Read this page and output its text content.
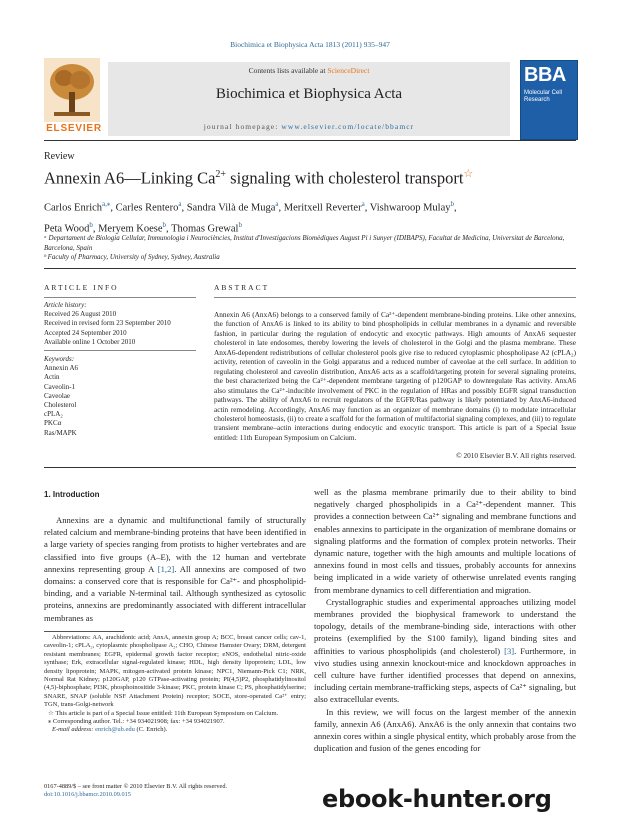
Biochimica et Biophysica Acta 1813 (2011) 935–947
Contents lists available at ScienceDirect
Biochimica et Biophysica Acta
journal homepage: www.elsevier.com/locate/bbamcr
ELSEVIER
BBA
Molecular Cell Research
Review
Annexin A6—Linking $Ca^{2+}$ signaling with cholesterol transport☆
Carlos Enrich$^{a,⁎}$, Carles Rentero$^a$, Sandra Vilà de Muga$^a$, Meritxell Reverter$^a$, Vishwaroop Mulay$^b$,
Peta Wood$^b$, Meryem Koese$^b$, Thomas Grewal$^b$
ᵃ Departament de Biologia Cellular, Immunologia i Neurociències, Institut d'Investigacions Biomèdiques August Pi i Sunyer (IDIBAPS), Facultat de Medicina, Universitat de Barcelona, Barcelona, Spain
ᵇ Faculty of Pharmacy, University of Sydney, Sydney, Australia
ARTICLE INFO
Article history:
Received 26 August 2010
Received in revised form 23 September 2010
Accepted 24 September 2010
Available online 1 October 2010
Keywords:
Annexin A6
Actin
Caveolin-1
Caveolae
Cholesterol
cPLA₂
PKCα
Ras/MAPK
ABSTRACT
Annexin A6 (AnxA6) belongs to a conserved family of Ca²⁺-dependent membrane-binding proteins. Like other annexins, the function of AnxA6 is linked to its ability to bind phospholipids in cellular membranes in a dynamic and reversible fashion, in particular during the regulation of endocytic and exocytic pathways. High amounts of AnxA6 sequester cholesterol in late endosomes, thereby lowering the levels of cholesterol in the Golgi and the plasma membrane. These AnxA6-dependent redistributions of cellular cholesterol pools give rise to reduced cytoplasmic phospholipase A2 (cPLA₂) activity, retention of caveolin in the Golgi apparatus and a reduced number of caveolae at the cell surface. In addition to regulating cholesterol and caveolin distribution, AnxA6 acts as a scaffold/targeting protein for several signaling proteins, the best characterized being the Ca²⁺-dependent membrane targeting of p120GAP to downregulate Ras activity. AnxA6 also stimulates the Ca²⁺-inducible involvement of PKC in the regulation of HRas and possibly EGFR signal transduction pathways. The ability of AnxA6 to recruit regulators of the EGFR/Ras pathway is likely potentiated by AnxA6-induced actin remodeling. Accordingly, AnxA6 may function as an organizer of membrane domains (i) to modulate intracellular cholesterol homeostasis, (ii) to create a scaffold for the formation of multifactorial signaling complexes, and (iii) to regulate transient membrane–actin interactions during endocytic and exocytic transport. This article is part of a Special Issue entitled: 11th European Symposium on Calcium.
© 2010 Elsevier B.V. All rights reserved.
1. Introduction
Annexins are a dynamic and multifunctional family of structurally related calcium and membrane-binding proteins that have been identified in a large variety of species ranging from protists to higher vertebrates and are classified into five groups (A–E), with the 12 human and vertebrate annexins representing group A [1,2]. All annexins are composed of two domains: a conserved core that is responsible for Ca²⁺- and phospholipid-binding, and a variable N-terminal tail. Although synthesized as cytosolic proteins, annexins are predominantly associated with different intracellular membranes as
well as the plasma membrane primarily due to their ability to bind negatively charged phospholipids in a Ca²⁺-dependent manner. This provides a connection between Ca²⁺ signaling and membrane functions and enables annexins to participate in the organization of membrane domains or signaling platforms and the formation of complex protein networks. Their dynamic nature, together with the high amounts and multiple locations of annexins found in most cells and tissues, probably accounts for annexins being implicated in a wide variety of otherwise unrelated events ranging from membrane dynamics to cell differentiation and migration.
Crystallographic studies and experimental approaches utilizing model membranes provided the biophysical framework to understand the topology, details of the membrane-binding side, interactions with other proteins (exemplified by the S100 family), ligand binding sites and affinities to various phospholipids (and cholesterol) [3]. Furthermore, in vivo studies using annexin knockout-mice and knockdown approaches in cell culture have further identified processes that depend on annexins, including certain membrane-trafficking steps, aspects of Ca²⁺ signaling, but also extracellular events.
In this review, we will focus on the largest member of the annexin family, annexin A6 (AnxA6). AnxA6 is the only annexin that contains two annexin cores within a single physical entity, which probably arose from the duplication and fusion of the genes encoding for
Abbreviations: AA, arachidonic acid; AnxA, annexin group A; BCC, breast cancer cells; cav-1, caveolin-1; cPLA₂, cytoplasmic phospholipase A₂; CHO, Chinese Hamster Ovary; DRM, detergent resistant membranes; EGFR, epidermal growth factor receptor; eNOS, endothelial nitric-oxide synthase; Erk, extracellular signal-regulated kinase; HDL, high density lipoprotein; LDL, low density lipoprotein; MAPK, mitogen-activated protein kinase; NPC1, Niemann-Pick C1; NRK, Normal Rat Kidney; p120GAP, p120 GTPase-activating protein; PI(4,5)P2, phosphatidylinositol (4,5)-biphosphate; PI3K, phosphoinositide 3-kinase; PKC, protein kinase C; PS, phosphatidylserine; SNARE, SNAP (soluble NSF Attachment Protein) receptor; SOCE, store-operated Ca²⁺ entry; TGN, trans-Golgi-network
☆ This article is part of a Special Issue entitled: 11th European Symposium on Calcium.
⁎ Corresponding author. Tel.: +34 934021908; fax: +34 934021907.
E-mail address: enrich@ub.edu (C. Enrich).
0167-4889/$ – see front matter © 2010 Elsevier B.V. All rights reserved.
doi:10.1016/j.bbamcr.2010.09.015	ebook-hunter.org
